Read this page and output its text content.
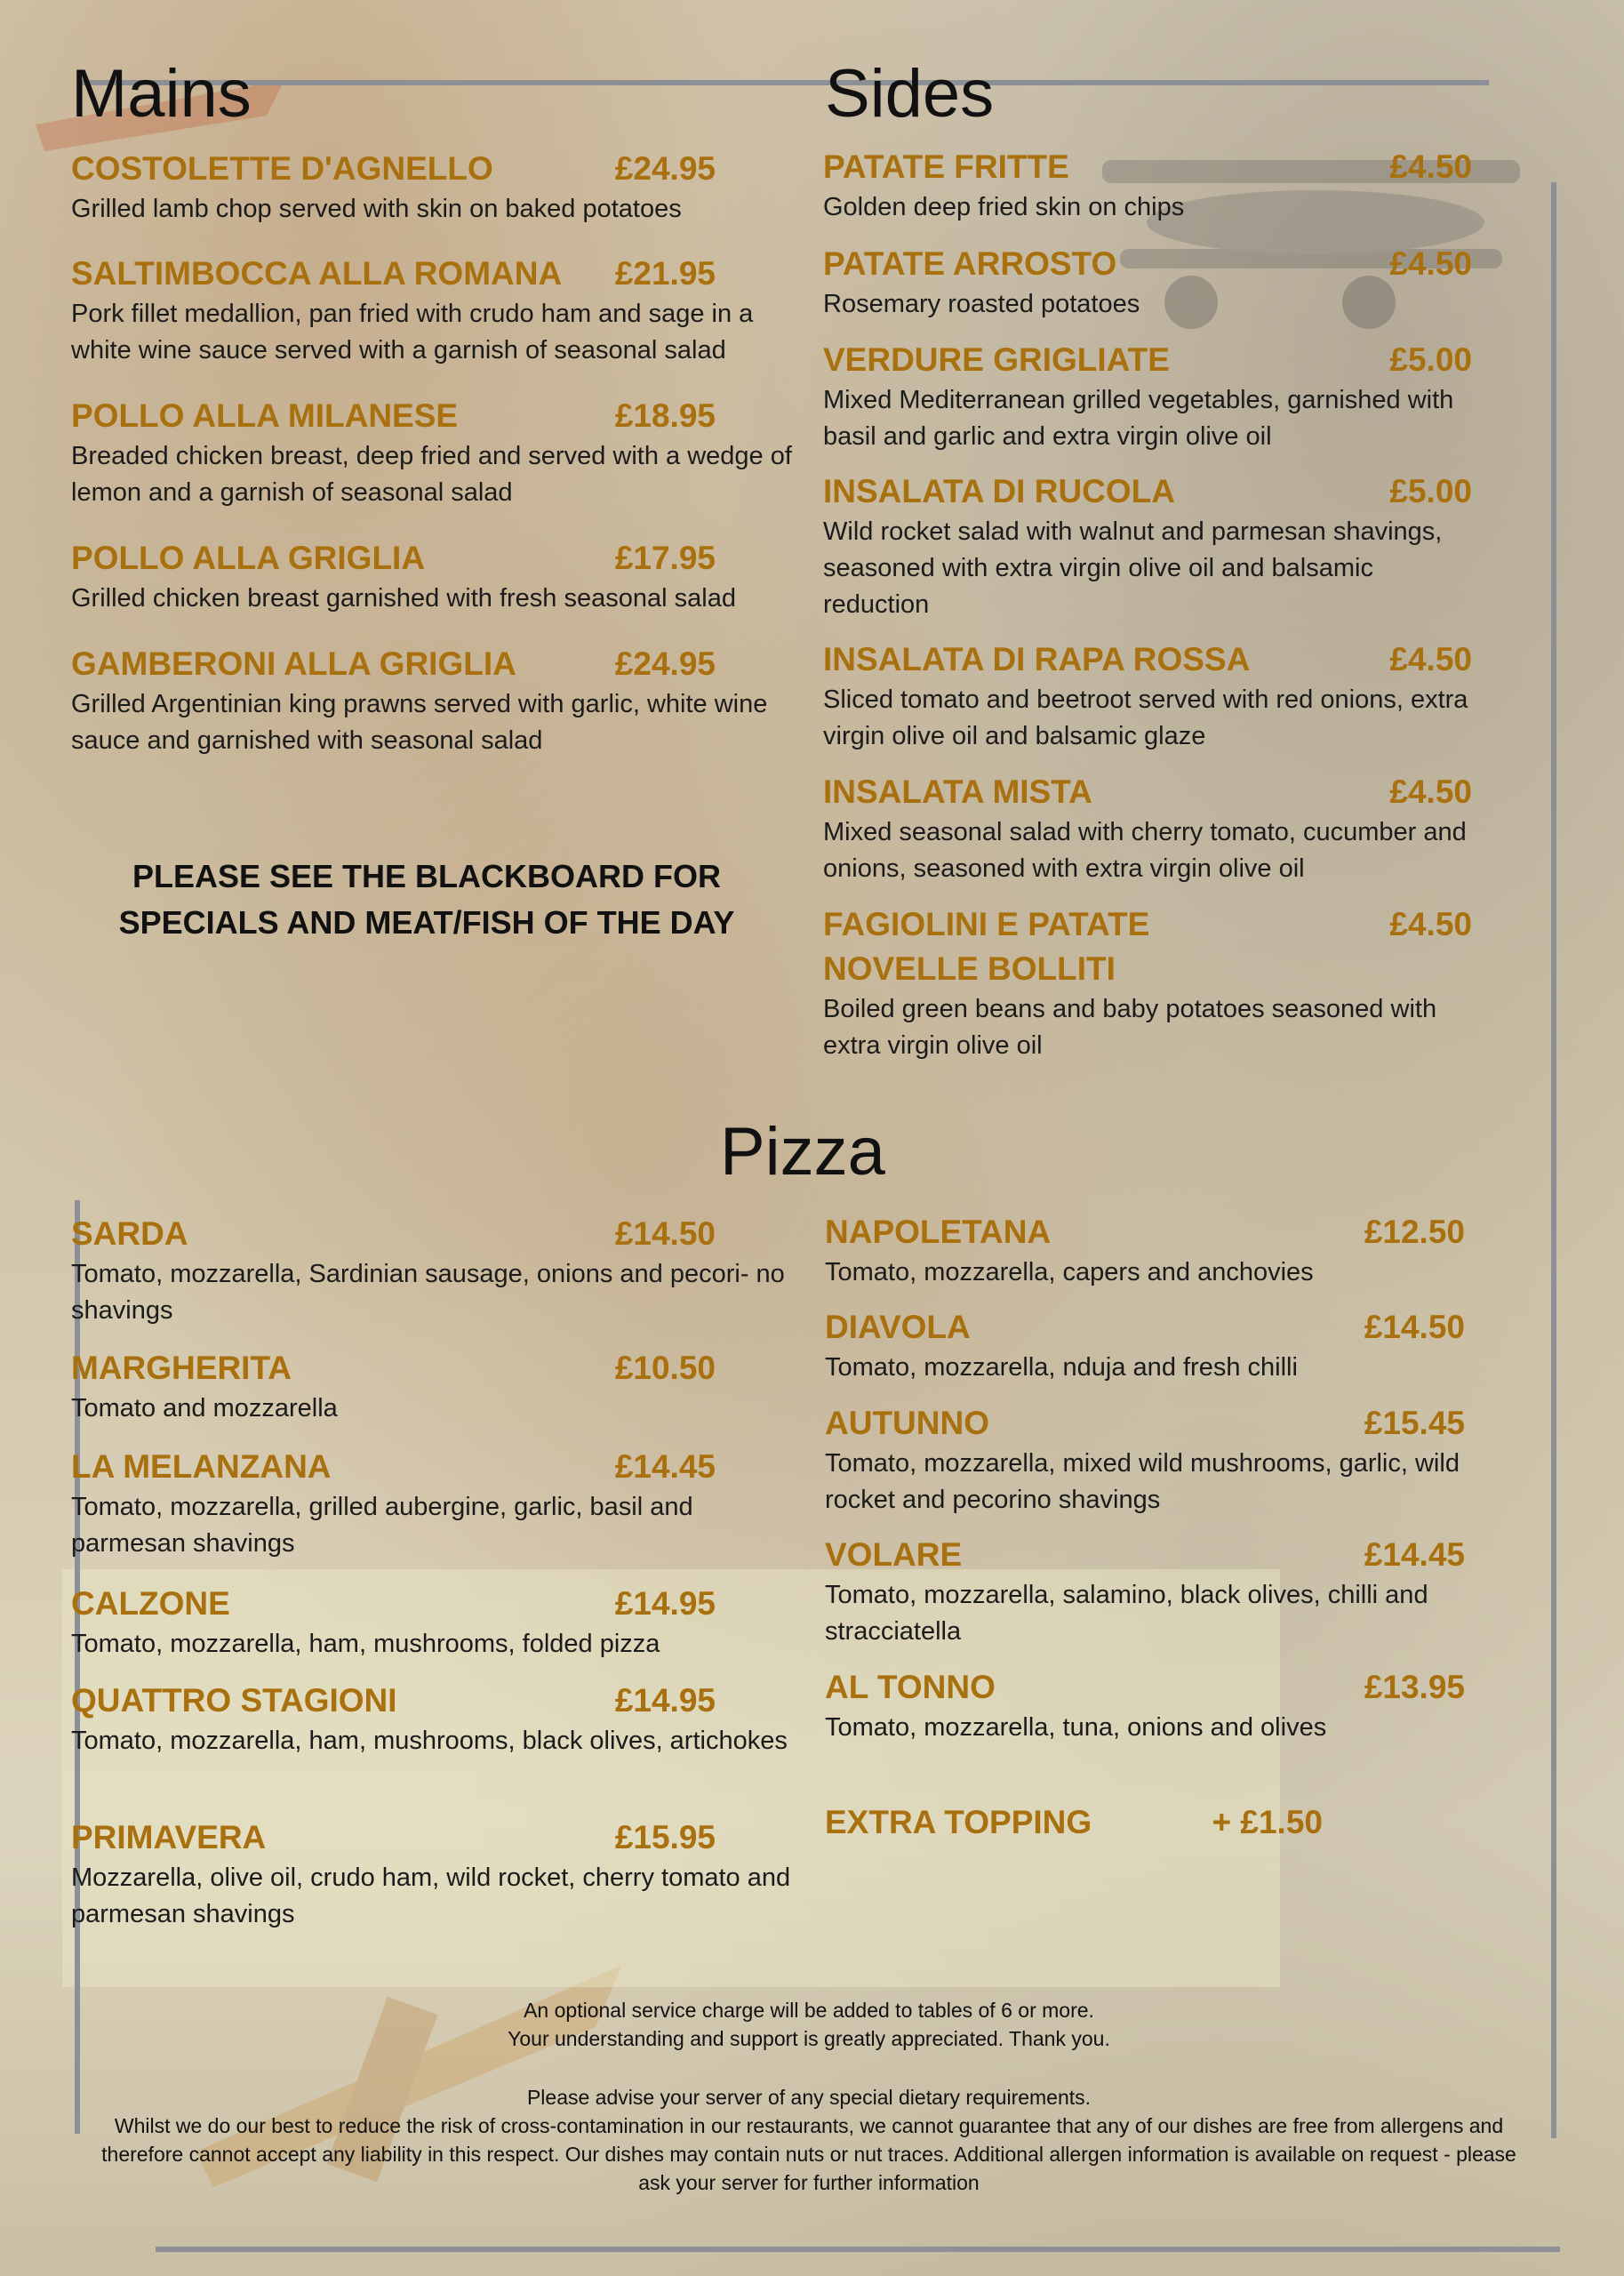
Mains	Sides
Pizza
COSTOLETTE D'AGNELLO	£24.95
Grilled lamb chop served with skin on baked potatoes
SALTIMBOCCA ALLA ROMANA	£21.95
Pork fillet medallion, pan fried with crudo ham and sage in a white wine sauce served with a garnish of seasonal salad
POLLO ALLA MILANESE	£18.95
Breaded chicken breast, deep fried and served with a wedge of lemon and a garnish of seasonal salad
POLLO ALLA GRIGLIA	£17.95
Grilled chicken breast garnished with fresh seasonal salad
GAMBERONI ALLA GRIGLIA	£24.95
Grilled Argentinian king prawns served with garlic, white wine sauce and garnished with seasonal salad
PLEASE SEE THE BLACKBOARD FOR SPECIALS AND MEAT/FISH OF THE DAY
PATATE FRITTE	£4.50
Golden deep fried skin on chips
PATATE ARROSTO	£4.50
Rosemary roasted potatoes
VERDURE GRIGLIATE	£5.00
Mixed Mediterranean grilled vegetables, garnished with basil and garlic and extra virgin olive oil
INSALATA DI RUCOLA	£5.00
Wild rocket salad with walnut and parmesan shavings, seasoned with extra virgin olive oil and balsamic reduction
INSALATA DI RAPA ROSSA	£4.50
Sliced tomato and beetroot served with red onions, extra virgin olive oil and balsamic glaze
INSALATA MISTA	£4.50
Mixed seasonal salad with cherry tomato, cucumber and onions, seasoned with extra virgin olive oil
FAGIOLINI E PATATE NOVELLE BOLLITI
£4.50
Boiled green beans and baby potatoes seasoned with extra virgin olive oil
SARDA	£14.50
Tomato, mozzarella, Sardinian sausage, onions and pecori- no shavings
MARGHERITA	£10.50
Tomato and mozzarella
LA MELANZANA	£14.45
Tomato, mozzarella, grilled aubergine, garlic, basil and parmesan shavings
CALZONE	£14.95
Tomato, mozzarella, ham, mushrooms, folded pizza
QUATTRO STAGIONI	£14.95
Tomato, mozzarella, ham, mushrooms, black olives, artichokes
PRIMAVERA	£15.95
Mozzarella, olive oil, crudo ham, wild rocket, cherry tomato and parmesan shavings
NAPOLETANA	£12.50
Tomato, mozzarella, capers and anchovies
DIAVOLA	£14.50
Tomato, mozzarella, nduja and fresh chilli
AUTUNNO	£15.45
Tomato, mozzarella, mixed wild mushrooms, garlic, wild rocket and pecorino shavings
VOLARE	£14.45
Tomato, mozzarella, salamino, black olives, chilli and stracciatella
AL TONNO	£13.95
Tomato, mozzarella, tuna, onions and olives
EXTRA TOPPING	+ £1.50

An optional service charge will be added to tables of 6 or more.

Your understanding and support is greatly appreciated. Thank you.

Please advise your server of any special dietary requirements.

Whilst we do our best to reduce the risk of cross-contamination in our restaurants, we cannot guarantee that any of our dishes are free from allergens and therefore cannot accept any liability in this respect. Our dishes may contain nuts or nut traces. Additional allergen information is available on request - please ask your server for further information
